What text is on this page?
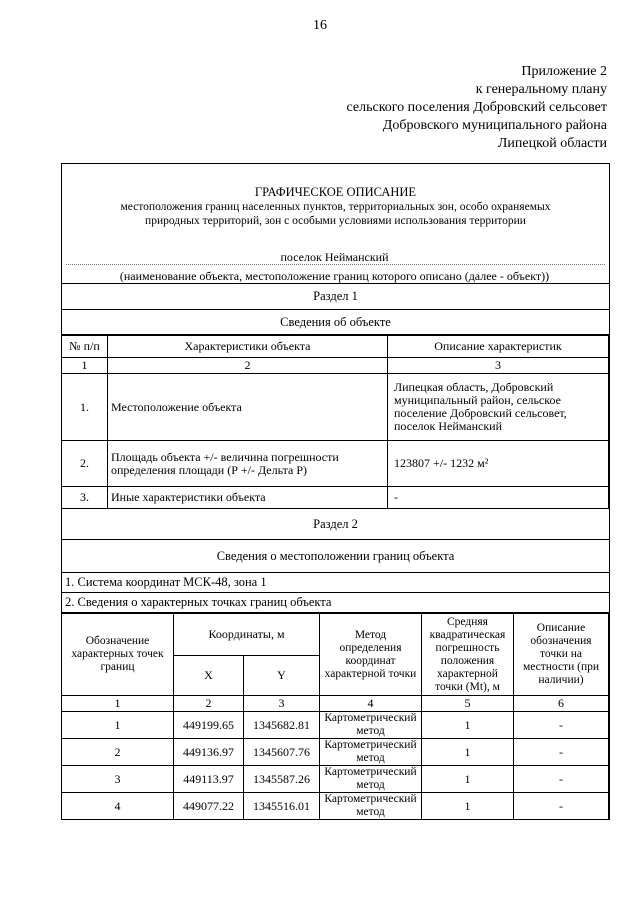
16
Приложение 2
к генеральному плану
сельского поселения Добровский сельсовет
Добровского муниципального района
Липецкой области
ГРАФИЧЕСКОЕ ОПИСАНИЕ
местоположения границ населенных пунктов, территориальных зон, особо охраняемых природных территорий, зон с особыми условиями использования территории
поселок Нейманский
(наименование объекта, местоположение границ которого описано (далее - объект))
Раздел 1
Сведения об объекте
№ п/п	Характеристики объекта	Описание характеристик
1	2	3
1.	Местоположение объекта	Липецкая область, Добровский муниципальный район, сельское поселение Добровский сельсовет, поселок Нейманский
2.	Площадь объекта +/- величина погрешности определения площади (Р +/- Дельта Р)	123807 +/- 1232 м²
3.	Иные характеристики объекта	-
Раздел 2
Сведения о местоположении границ объекта
1. Система координат МСК-48, зона 1
2. Сведения о характерных точках границ объекта
Обозначение характерных точек границ	Координаты, м		Метод определения координат характерной точки	Средняя квадратическая погрешность положения характерной точки (Mt), м	Описание обозначения точки на местности (при наличии)
	X	Y			
1	2	3	4	5	6
1	449199.65	1345682.81	Картометрический метод	1	-
2	449136.97	1345607.76	Картометрический метод	1	-
3	449113.97	1345587.26	Картометрический метод	1	-
4	449077.22	1345516.01	Картометрический метод	1	-
